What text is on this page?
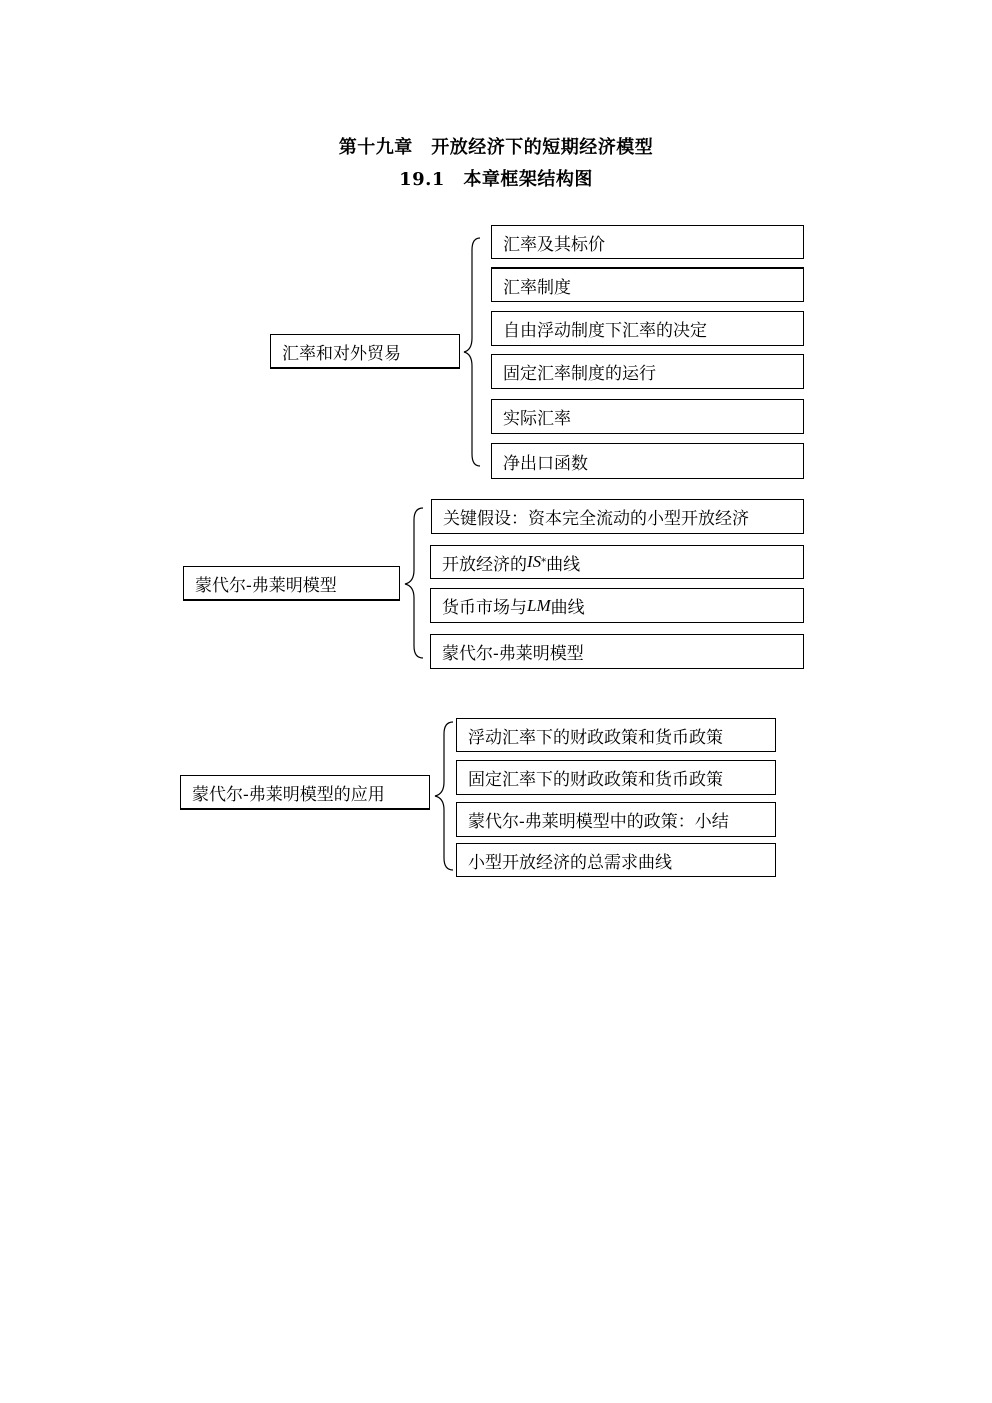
第十九章　开放经济下的短期经济模型
19.1　本章框架结构图
汇率和对外贸易
汇率及其标价
汇率制度
自由浮动制度下汇率的决定
固定汇率制度的运行
实际汇率
净出口函数
蒙代尔-弗莱明模型
关键假设：资本完全流动的小型开放经济
开放经济的 IS * 曲线
货币市场与 LM 曲线
蒙代尔-弗莱明模型
蒙代尔-弗莱明模型的应用
浮动汇率下的财政政策和货币政策
固定汇率下的财政政策和货币政策
蒙代尔-弗莱明模型中的政策：小结
小型开放经济的总需求曲线
